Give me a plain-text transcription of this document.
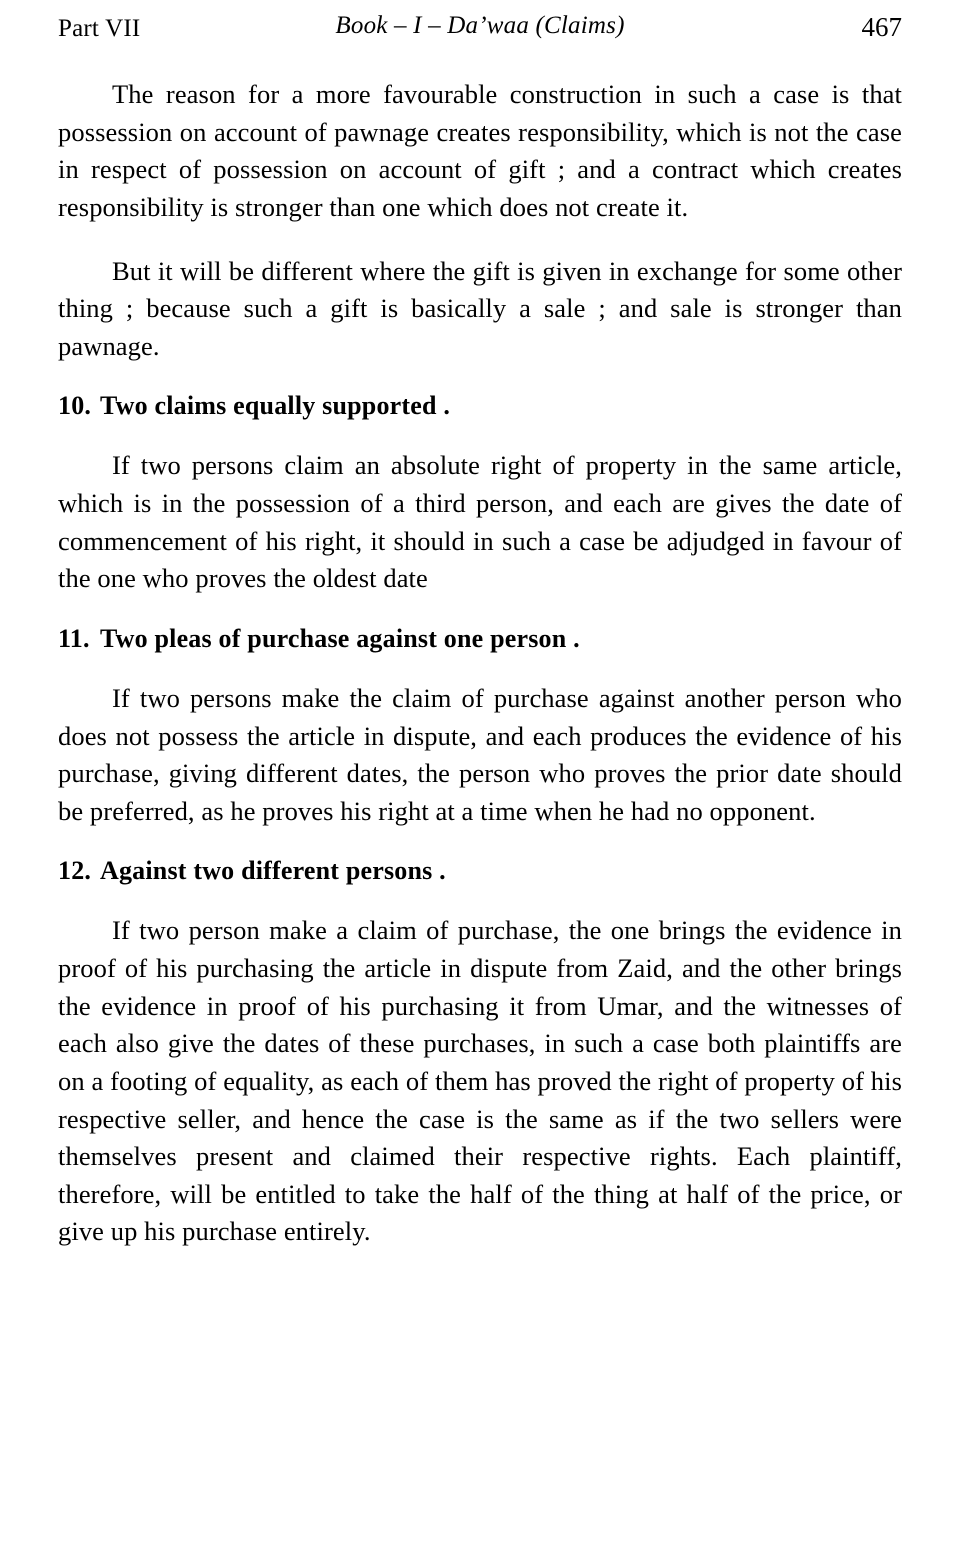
Part VII	Book – I – Da’waa (Claims)	467

The reason for a more favourable construction in such a case is that possession on account of pawnage creates responsibility, which is not the case in respect of possession on account of gift ; and a contract which creates responsibility is stronger than one which does not create it.

But it will be different where the gift is given in exchange for some other thing ; because such a gift is basically a sale ; and sale is stronger than pawnage.

10. Two claims equally supported .

If two persons claim an absolute right of property in the same article, which is in the possession of a third person, and each are gives the date of commencement of his right, it should in such a case be adjudged in favour of the one who proves the oldest date

11. Two pleas of purchase against one person .

If two persons make the claim of purchase against another person who does not possess the article in dispute, and each produces the evidence of his purchase, giving different dates, the person who proves the prior date should be preferred, as he proves his right at a time when he had no opponent.

12. Against two different persons .

If two person make a claim of purchase, the one brings the evidence in proof of his purchasing the article in dispute from Zaid, and the other brings the evidence in proof of his purchasing it from Umar, and the witnesses of each also give the dates of these purchases, in such a case both plaintiffs are on a footing of equality, as each of them has proved the right of property of his respective seller, and hence the case is the same as if the two sellers were themselves present and claimed their respective rights. Each plaintiff, therefore, will be entitled to take the half of the thing at half of the price, or give up his purchase entirely.
